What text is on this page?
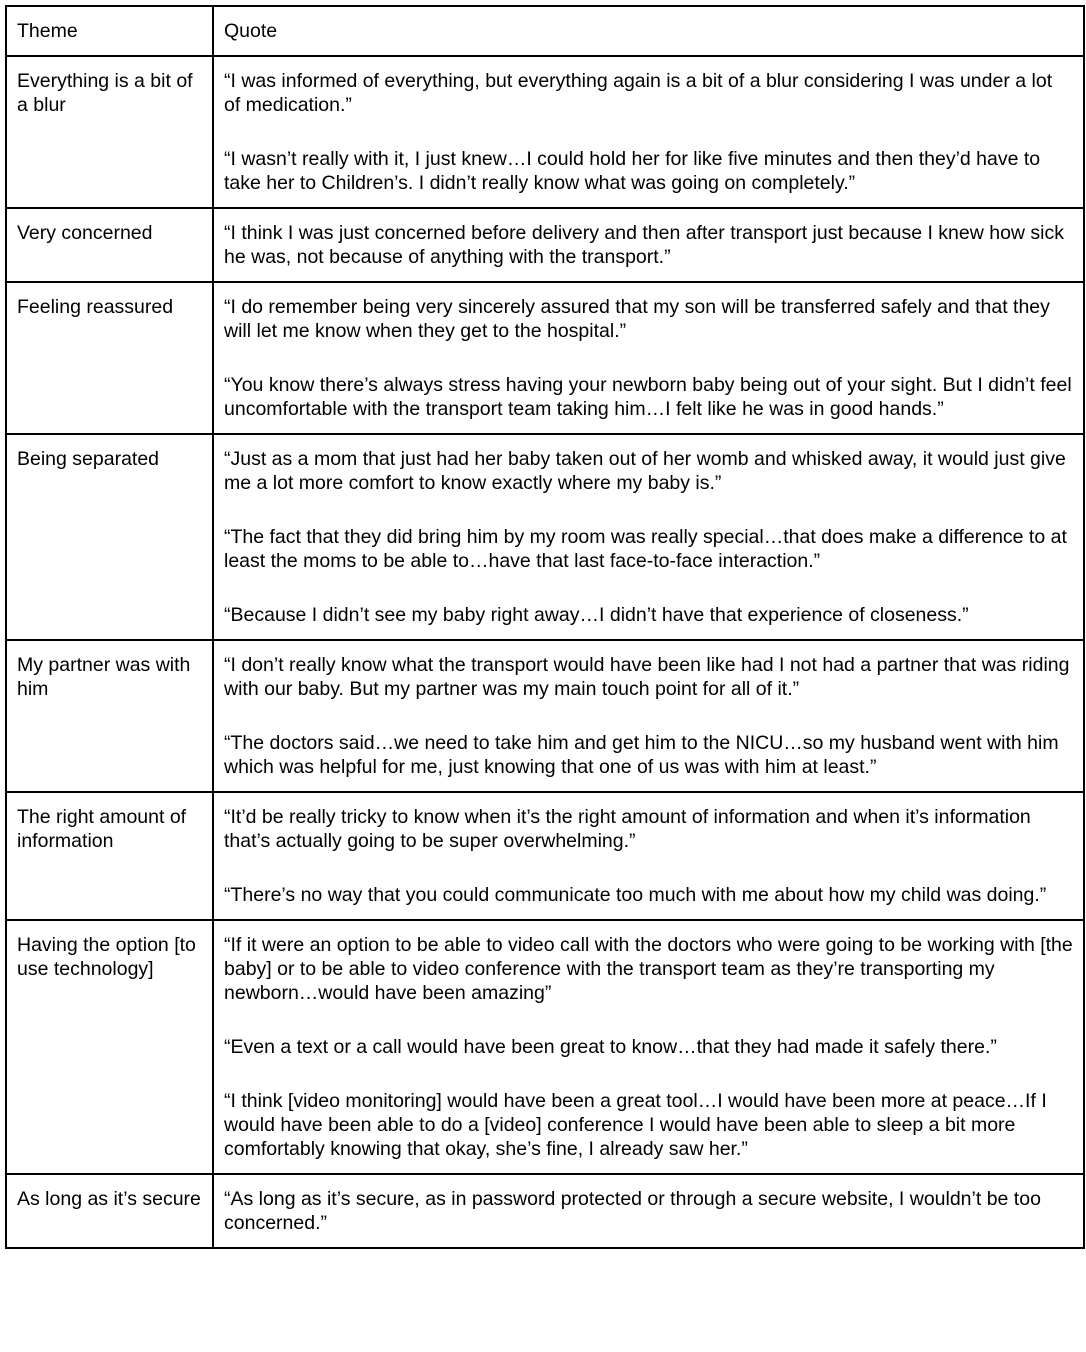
Theme	Quote

Everything is a bit of a blur	“I was informed of everything, but everything again is a bit of a blur considering I was under a lot of medication.”

“I wasn’t really with it, I just knew…I could hold her for like five minutes and then they’d have to take her to Children’s. I didn’t really know what was going on completely.”

Very concerned	“I think I was just concerned before delivery and then after transport just because I knew how sick he was, not because of anything with the transport.”

Feeling reassured	“I do remember being very sincerely assured that my son will be transferred safely and that they will let me know when they get to the hospital.”

“You know there’s always stress having your newborn baby being out of your sight. But I didn’t feel uncomfortable with the transport team taking him…I felt like he was in good hands.”

Being separated	“Just as a mom that just had her baby taken out of her womb and whisked away, it would just give me a lot more comfort to know exactly where my baby is.”

“The fact that they did bring him by my room was really special…that does make a difference to at least the moms to be able to…have that last face-to-face interaction.”

“Because I didn’t see my baby right away…I didn’t have that experience of closeness.”

My partner was with him	“I don’t really know what the transport would have been like had I not had a partner that was riding with our baby. But my partner was my main touch point for all of it.”

“The doctors said…we need to take him and get him to the NICU…so my husband went with him which was helpful for me, just knowing that one of us was with him at least.”

The right amount of information	“It’d be really tricky to know when it’s the right amount of information and when it’s information that’s actually going to be super overwhelming.”

“There’s no way that you could communicate too much with me about how my child was doing.”

Having the option [to use technology]	“If it were an option to be able to video call with the doctors who were going to be working with [the baby] or to be able to video conference with the transport team as they’re transporting my newborn…would have been amazing”

“Even a text or a call would have been great to know…that they had made it safely there.”

“I think [video monitoring] would have been a great tool…I would have been more at peace…If I would have been able to do a [video] conference I would have been able to sleep a bit more comfortably knowing that okay, she’s fine, I already saw her.”

As long as it’s secure	“As long as it’s secure, as in password protected or through a secure website, I wouldn’t be too concerned.”
